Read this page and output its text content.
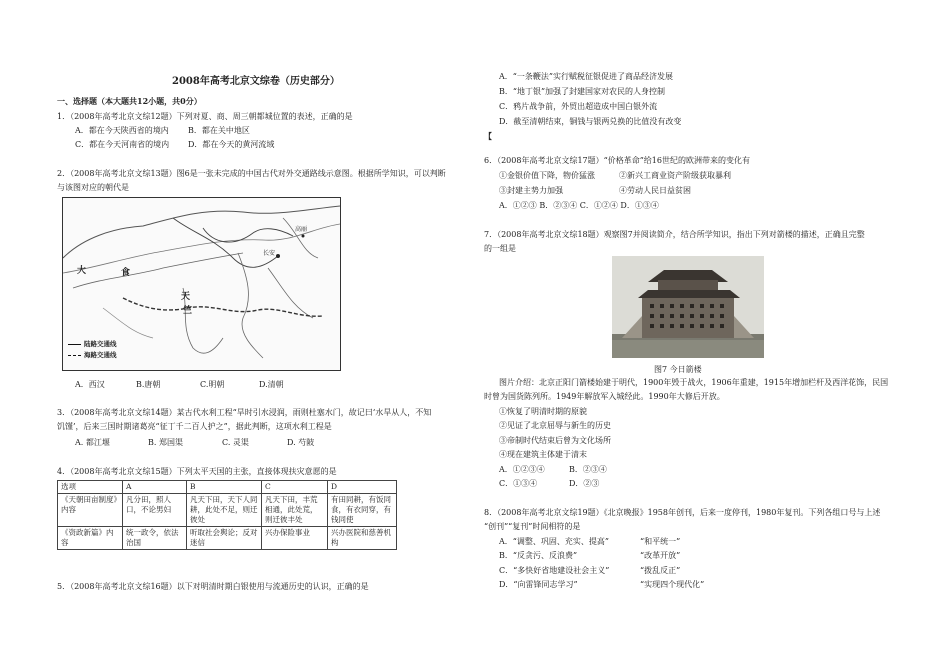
2008年高考北京文综卷（历史部分）
一、选择题（本大题共12小题，共0分）
1．（2008年高考北京文综12题）下列对夏、商、周三朝都城位置的表述，正确的是
A．都在今天陕西省的境内 B．都在关中地区
C．都在今天河南省的境内 D．都在今天的黄河流域
2．（2008年高考北京文综13题）图6是一张未完成的中国古代对外交通路线示意图。根据所学知识，可以判断
与该图对应的朝代是
大
天
竺
食
长安
高丽
陆路交通线
海路交通线
A．西汉	B.唐朝	C.明朝	D.清朝
3．（2008年高考北京文综14题）某古代水利工程“旱时引水浸润，雨则杜塞水门，故记曰‘水旱从人，不知
饥馑’，后来三国时期诸葛亮“征丁千二百人护之”，据此判断，这项水利工程是
A. 都江堰	B. 郑国渠	C. 灵渠	D. 芍陂
4．（2008年高考北京文综15题）下列太平天国的主张，直接体现扶灾意愿的是
选项	A	B	C	D
《天朝田亩制度》内容	凡分田，照人口，不论男妇	凡天下田，天下人同耕，此处不足，则迁彼处	凡天下田，丰荒相通，此处荒，则迁彼丰处	有田同耕，有饭同食，有衣同穿，有钱同使
《资政新篇》内容	统一政令，依法治国	听取社会舆论；反对迷信	兴办保险事业	兴办医院和慈善机构
5．（2008年高考北京文综16题）以下对明清时期白银使用与流通历史的认识，正确的是
A．“一条鞭法”实行赋税征银促进了商品经济发展
B．“地丁银”加强了封建国家对农民的人身控制
C．鸦片战争前，外贸出超造成中国白银外流
D．截至清朝结束，铜钱与银两兑换的比值没有改变
【
6．（2008年高考北京文综17题）“价格革命”给16世纪的欧洲带来的变化有
①金银价值下降，物价猛涨	②新兴工商业资产阶级获取暴利
③封建主势力加强	④劳动人民日益贫困
A．①②③ B．②③④ C．①②④ D．①③④
7．（2008年高考北京文综18题）观察图7并阅读简介，结合所学知识，指出下列对箭楼的描述，正确且完整
的一组是
图7 今日箭楼
图片介绍：北京正阳门箭楼始建于明代，1900年毁于战火，1906年重建，1915年增加栏杆及西洋花饰，民国
时曾为国货陈列所。1949年解放军入城经此。1990年大修后开放。
①恢复了明清时期的原貌
②见证了北京屈辱与新生的历史
③帝制时代结束后曾为文化场所
④现在建筑主体建于清末
A．①②③④	B．②③④
C．①③④	D．②③
8．（2008年高考北京文综19题）《北京晚报》1958年创刊，后来一度停刊，1980年复刊。下列各组口号与上述
“创刊”“复刊”时间相符的是
A．“调整、巩固、充实、提高”	“和平统一”
B．“反贪污、反浪费”	“改革开放”
C．“多快好省地建设社会主义”	“拨乱反正”
D．“向雷锋同志学习”	“实现四个现代化”
